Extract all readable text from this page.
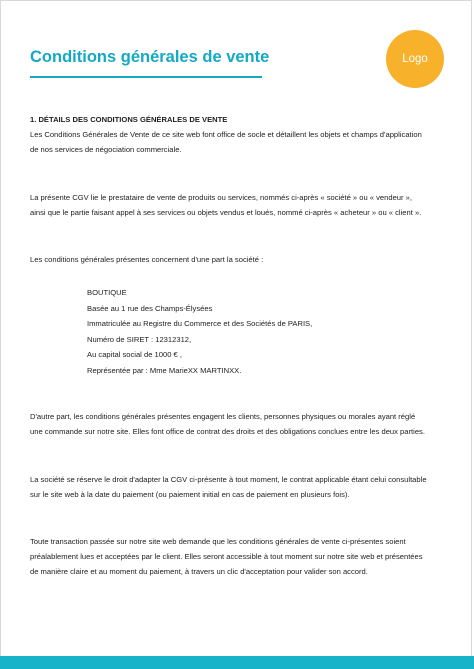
Conditions générales de vente	Logo
1. DÉTAILS DES CONDITIONS GÉNÉRALES DE VENTE
Les Conditions Générales de Vente de ce site web font office de socle et détaillent les objets et champs d'application
de nos services de négociation commerciale.
La présente CGV lie le prestataire de vente de produits ou services, nommés ci-après « société » ou « vendeur »,
ainsi que le partie faisant appel à ses services ou objets vendus et loués, nommé ci-après « acheteur » ou « client ».
Les conditions générales présentes concernent d'une part la société :
BOUTIQUE
Basée au 1 rue des Champs-Élysées
Immatriculée au Registre du Commerce et des Sociétés de PARIS,
Numéro de SIRET : 12312312,
Au capital social de 1000 € ,
Représentée par : Mme MarieXX MARTINXX.
D'autre part, les conditions générales présentes engagent les clients, personnes physiques ou morales ayant réglé
une commande sur notre site. Elles font office de contrat des droits et des obligations conclues entre les deux parties.
La société se réserve le droit d'adapter la CGV ci-présente à tout moment, le contrat applicable étant celui consultable
sur le site web à la date du paiement (ou paiement initial en cas de paiement en plusieurs fois).
Toute transaction passée sur notre site web demande que les conditions générales de vente ci-présentes soient
préalablement lues et acceptées par le client. Elles seront accessible à tout moment sur notre site web et présentées
de manière claire et au moment du paiement, à travers un clic d'acceptation pour valider son accord.
